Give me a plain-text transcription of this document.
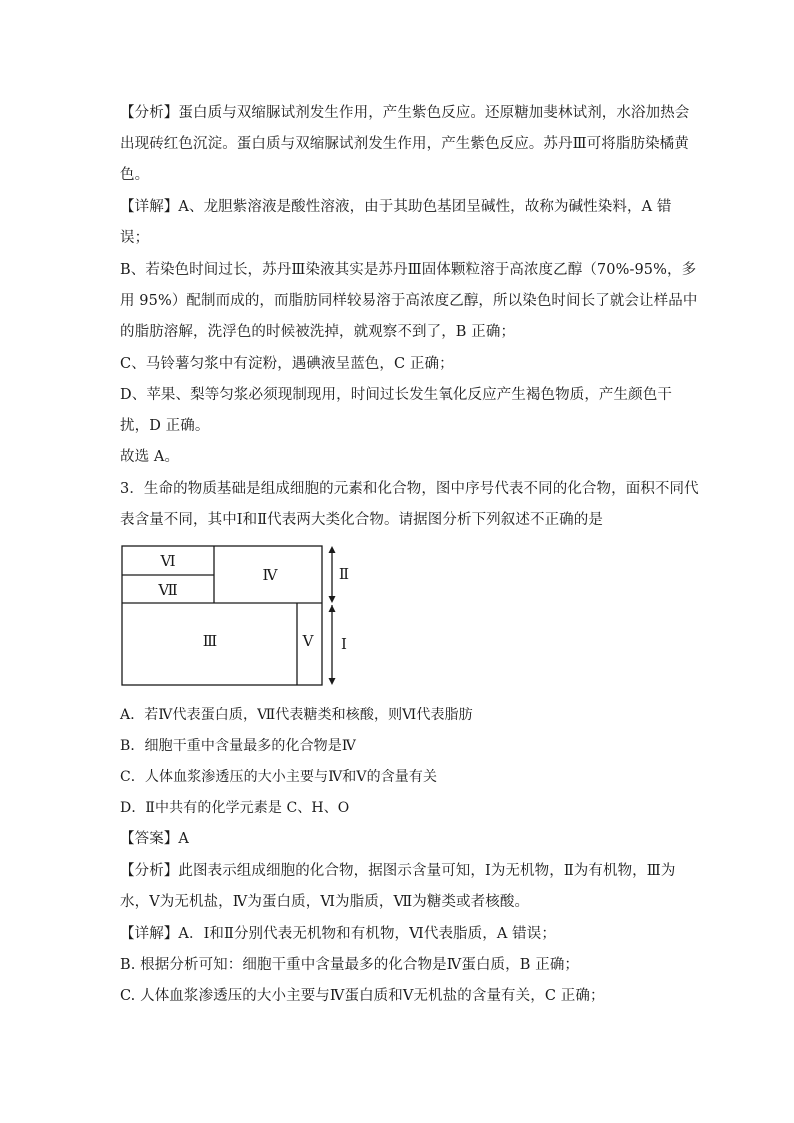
【分析】蛋白质与双缩脲试剂发生作用，产生紫色反应。还原糖加斐林试剂，水浴加热会
出现砖红色沉淀。蛋白质与双缩脲试剂发生作用，产生紫色反应。苏丹Ⅲ可将脂肪染橘黄
色。
【详解】A、龙胆紫溶液是酸性溶液，由于其助色基团呈碱性，故称为碱性染料，A 错
误；
B、若染色时间过长，苏丹Ⅲ染液其实是苏丹Ⅲ固体颗粒溶于高浓度乙醇（70%-95%，多
用 95%）配制而成的，而脂肪同样较易溶于高浓度乙醇，所以染色时间长了就会让样品中
的脂肪溶解，洗浮色的时候被洗掉，就观察不到了，B 正确；
C、马铃薯匀浆中有淀粉，遇碘液呈蓝色，C 正确；
D、苹果、梨等匀浆必须现制现用，时间过长发生氧化反应产生褐色物质，产生颜色干
扰，D 正确。
故选 A。
3．生命的物质基础是组成细胞的元素和化合物，图中序号代表不同的化合物，面积不同代
表含量不同，其中Ⅰ和Ⅱ代表两大类化合物。请据图分析下列叙述不正确的是
Ⅵ
Ⅶ
Ⅳ
Ⅲ	Ⅴ
Ⅱ
Ⅰ
A．若Ⅳ代表蛋白质，Ⅶ代表糖类和核酸，则Ⅵ代表脂肪
B．细胞干重中含量最多的化合物是Ⅳ
C．人体血浆渗透压的大小主要与Ⅳ和Ⅴ的含量有关
D．Ⅱ中共有的化学元素是 C、H、O
【答案】A
【分析】此图表示组成细胞的化合物，据图示含量可知，Ⅰ为无机物，Ⅱ为有机物，Ⅲ为
水，Ⅴ为无机盐，Ⅳ为蛋白质，Ⅵ为脂质，Ⅶ为糖类或者核酸。
【详解】A．Ⅰ和Ⅱ分别代表无机物和有机物，Ⅵ代表脂质，A 错误；
B. 根据分析可知：细胞干重中含量最多的化合物是Ⅳ蛋白质，B 正确；
C. 人体血浆渗透压的大小主要与Ⅳ蛋白质和Ⅴ无机盐的含量有关，C 正确；
